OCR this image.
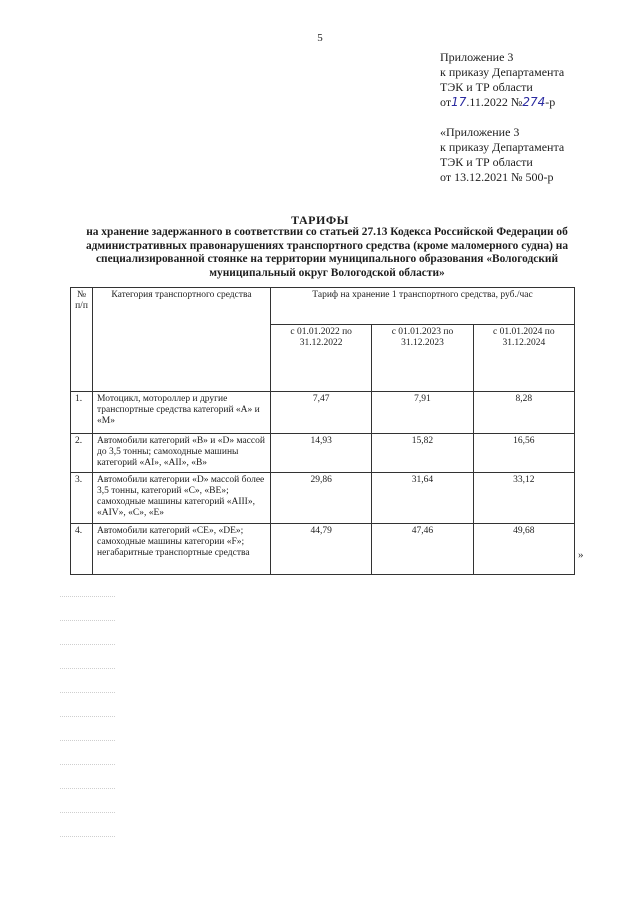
5
Приложение 3
к приказу Департамента
ТЭК и ТР области
от17.11.2022 №274-р
«Приложение 3
к приказу Департамента
ТЭК и ТР области
от 13.12.2021 № 500-р
ТАРИФЫ
на хранение задержанного в соответствии со статьей 27.13 Кодекса Российской Федерации об административных правонарушениях транспортного средства (кроме маломерного судна) на специализированной стоянке на территории муниципального образования «Вологодский муниципальный округ Вологодской области»
№ п/п	Категория транспортного средства	Тариф на хранение 1 транспортного средства, руб./час		
		с 01.01.2022 по 31.12.2022	с 01.01.2023 по 31.12.2023	с 01.01.2024 по 31.12.2024
1.	Мотоцикл, мотороллер и другие транспортные средства категорий «А» и «М»	7,47	7,91	8,28
2.	Автомобили категорий «В» и «D» массой до 3,5 тонны; самоходные машины категорий «АI», «АII», «В»	14,93	15,82	16,56
3.	Автомобили категории «D» массой более 3,5 тонны, категорий «С», «ВЕ»; самоходные машины категорий «АIII», «АIV», «С», «Е»	29,86	31,64	33,12
4.	Автомобили категорий «СЕ», «DЕ»; самоходные машины категории «F»; негабаритные транспортные средства	44,79	47,46	49,68
»
